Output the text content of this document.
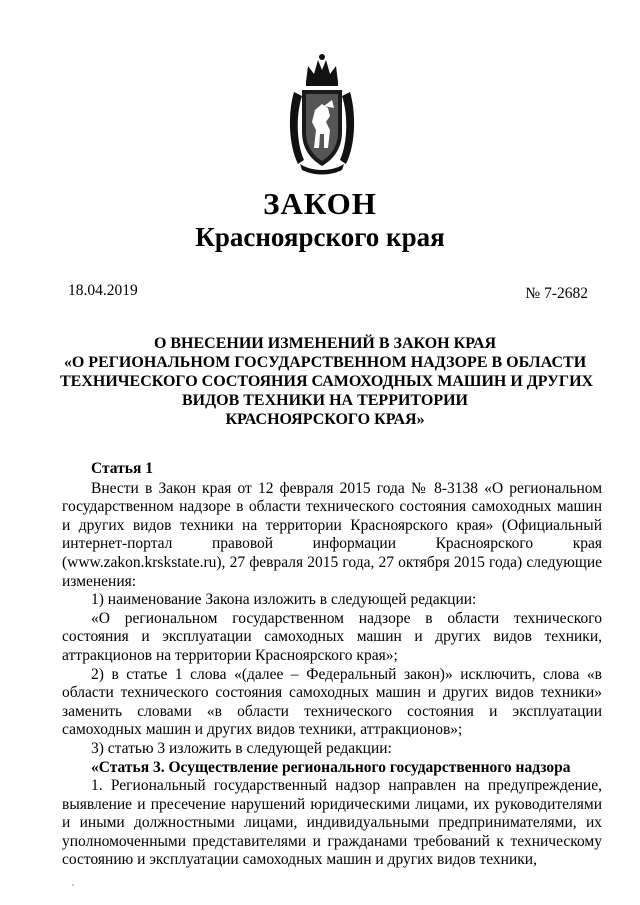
ЗАКОН
Красноярского края
18.04.2019	№ 7-2682
О ВНЕСЕНИИ ИЗМЕНЕНИЙ В ЗАКОН КРАЯ
«О РЕГИОНАЛЬНОМ ГОСУДАРСТВЕННОМ НАДЗОРЕ В ОБЛАСТИ
ТЕХНИЧЕСКОГО СОСТОЯНИЯ САМОХОДНЫХ МАШИН И ДРУГИХ
ВИДОВ ТЕХНИКИ НА ТЕРРИТОРИИ
КРАСНОЯРСКОГО КРАЯ»
Статья 1

Внести в Закон края от 12 февраля 2015 года № 8-3138 «О региональном государственном надзоре в области технического состояния самоходных машин и других видов техники на территории Красноярского края» (Официальный интернет-портал правовой информации Красноярского края (www.zakon.krskstate.ru), 27 февраля 2015 года, 27 октября 2015 года) следующие изменения:

1) наименование Закона изложить в следующей редакции:

«О региональном государственном надзоре в области технического состояния и эксплуатации самоходных машин и других видов техники, аттракционов на территории Красноярского края»;

2) в статье 1 слова «(далее – Федеральный закон)» исключить, слова «в области технического состояния самоходных машин и других видов техники» заменить словами «в области технического состояния и эксплуатации самоходных машин и других видов техники, аттракционов»;

3) статью 3 изложить в следующей редакции:

«Статья 3. Осуществление регионального государственного надзора

1. Региональный государственный надзор направлен на предупреждение, выявление и пресечение нарушений юридическими лицами, их руководителями и иными должностными лицами, индивидуальными предпринимателями, их уполномоченными представителями и гражданами требований к техническому состоянию и эксплуатации самоходных машин и других видов техники,
